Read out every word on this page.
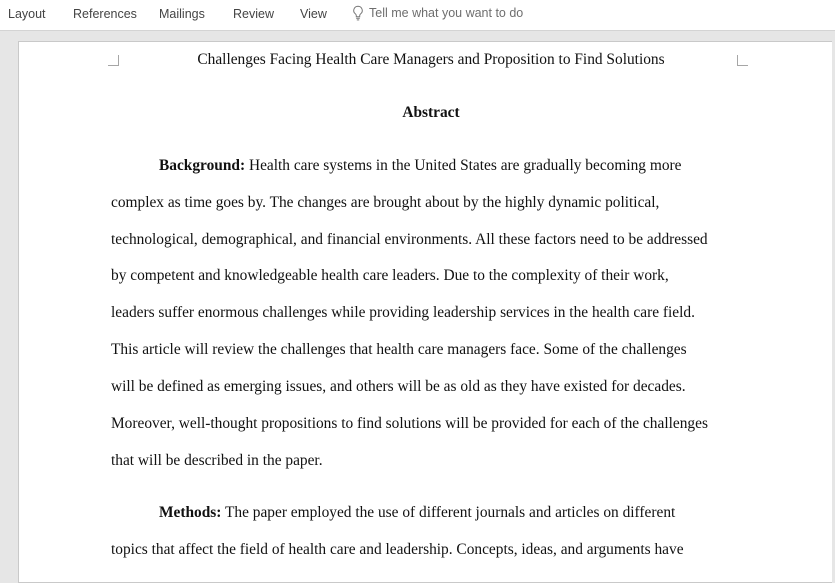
Layout References Mailings Review View	Tell me what you want to do
Challenges Facing Health Care Managers and Proposition to Find Solutions
Abstract
Background: Health care systems in the United States are gradually becoming more
complex as time goes by. The changes are brought about by the highly dynamic political,
technological, demographical, and financial environments. All these factors need to be addressed
by competent and knowledgeable health care leaders. Due to the complexity of their work,
leaders suffer enormous challenges while providing leadership services in the health care field.
This article will review the challenges that health care managers face. Some of the challenges
will be defined as emerging issues, and others will be as old as they have existed for decades.
Moreover, well-thought propositions to find solutions will be provided for each of the challenges
that will be described in the paper.
Methods: The paper employed the use of different journals and articles on different
topics that affect the field of health care and leadership. Concepts, ideas, and arguments have
